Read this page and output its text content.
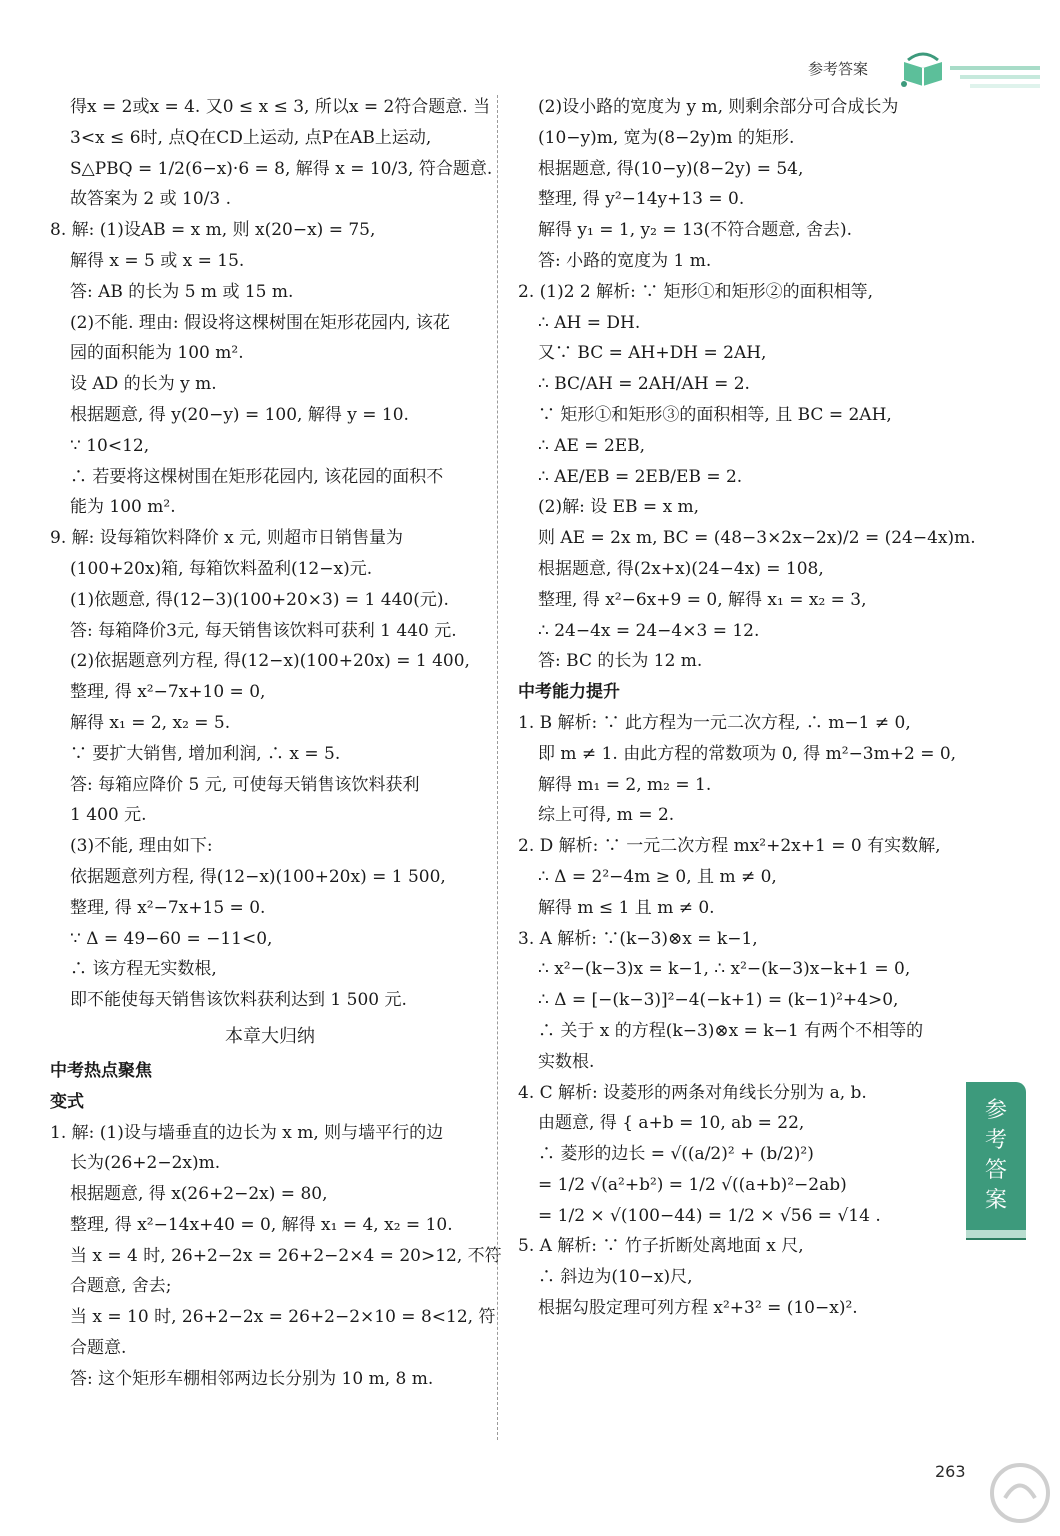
参考答案
得x = 2或x = 4. 又0 ≤ x ≤ 3, 所以x = 2符合题意. 当
3<x ≤ 6时, 点Q在CD上运动, 点P在AB上运动,
S△PBQ = 1/2(6−x)·6 = 8, 解得 x = 10/3, 符合题意.
故答案为 2 或 10/3 .
8. 解: (1)设AB = x m, 则 x(20−x) = 75,
解得 x = 5 或 x = 15.
答: AB 的长为 5 m 或 15 m.
(2)不能. 理由: 假设将这棵树围在矩形花园内, 该花
园的面积能为 100 m².
设 AD 的长为 y m.
根据题意, 得 y(20−y) = 100, 解得 y = 10.
∵ 10<12,
∴ 若要将这棵树围在矩形花园内, 该花园的面积不
能为 100 m².
9. 解: 设每箱饮料降价 x 元, 则超市日销售量为
(100+20x)箱, 每箱饮料盈利(12−x)元.
(1)依题意, 得(12−3)(100+20×3) = 1 440(元).
答: 每箱降价3元, 每天销售该饮料可获利 1 440 元.
(2)依据题意列方程, 得(12−x)(100+20x) = 1 400,
整理, 得 x²−7x+10 = 0,
解得 x₁ = 2, x₂ = 5.
∵ 要扩大销售, 增加利润, ∴ x = 5.
答: 每箱应降价 5 元, 可使每天销售该饮料获利
1 400 元.
(3)不能, 理由如下:
依据题意列方程, 得(12−x)(100+20x) = 1 500,
整理, 得 x²−7x+15 = 0.
∵ Δ = 49−60 = −11<0,
∴ 该方程无实数根,
即不能使每天销售该饮料获利达到 1 500 元.
本章大归纳
中考热点聚焦
变式
1. 解: (1)设与墙垂直的边长为 x m, 则与墙平行的边
长为(26+2−2x)m.
根据题意, 得 x(26+2−2x) = 80,
整理, 得 x²−14x+40 = 0, 解得 x₁ = 4, x₂ = 10.
当 x = 4 时, 26+2−2x = 26+2−2×4 = 20>12, 不符
合题意, 舍去;
当 x = 10 时, 26+2−2x = 26+2−2×10 = 8<12, 符
合题意.
答: 这个矩形车棚相邻两边长分别为 10 m, 8 m.
(2)设小路的宽度为 y m, 则剩余部分可合成长为
(10−y)m, 宽为(8−2y)m 的矩形.
根据题意, 得(10−y)(8−2y) = 54,
整理, 得 y²−14y+13 = 0.
解得 y₁ = 1, y₂ = 13(不符合题意, 舍去).
答: 小路的宽度为 1 m.
2. (1)2 2 解析: ∵ 矩形①和矩形②的面积相等,
∴ AH = DH.
又∵ BC = AH+DH = 2AH,
∴ BC/AH = 2AH/AH = 2.
∵ 矩形①和矩形③的面积相等, 且 BC = 2AH,
∴ AE = 2EB,
∴ AE/EB = 2EB/EB = 2.
(2)解: 设 EB = x m,
则 AE = 2x m, BC = (48−3×2x−2x)/2 = (24−4x)m.
根据题意, 得(2x+x)(24−4x) = 108,
整理, 得 x²−6x+9 = 0, 解得 x₁ = x₂ = 3,
∴ 24−4x = 24−4×3 = 12.
答: BC 的长为 12 m.
中考能力提升
1. B 解析: ∵ 此方程为一元二次方程, ∴ m−1 ≠ 0,
即 m ≠ 1. 由此方程的常数项为 0, 得 m²−3m+2 = 0,
解得 m₁ = 2, m₂ = 1.
综上可得, m = 2.
2. D 解析: ∵ 一元二次方程 mx²+2x+1 = 0 有实数解,
∴ Δ = 2²−4m ≥ 0, 且 m ≠ 0,
解得 m ≤ 1 且 m ≠ 0.
3. A 解析: ∵(k−3)⊗x = k−1,
∴ x²−(k−3)x = k−1, ∴ x²−(k−3)x−k+1 = 0,
∴ Δ = [−(k−3)]²−4(−k+1) = (k−1)²+4>0,
∴ 关于 x 的方程(k−3)⊗x = k−1 有两个不相等的
实数根.
4. C 解析: 设菱形的两条对角线长分别为 a, b.
由题意, 得 { a+b = 10, ab = 22,
∴ 菱形的边长 = √((a/2)² + (b/2)²)
= 1/2 √(a²+b²) = 1/2 √((a+b)²−2ab)
= 1/2 × √(100−44) = 1/2 × √56 = √14 .
5. A 解析: ∵ 竹子折断处离地面 x 尺,
∴ 斜边为(10−x)尺,
根据勾股定理可列方程 x²+3² = (10−x)².
参考答案
263
